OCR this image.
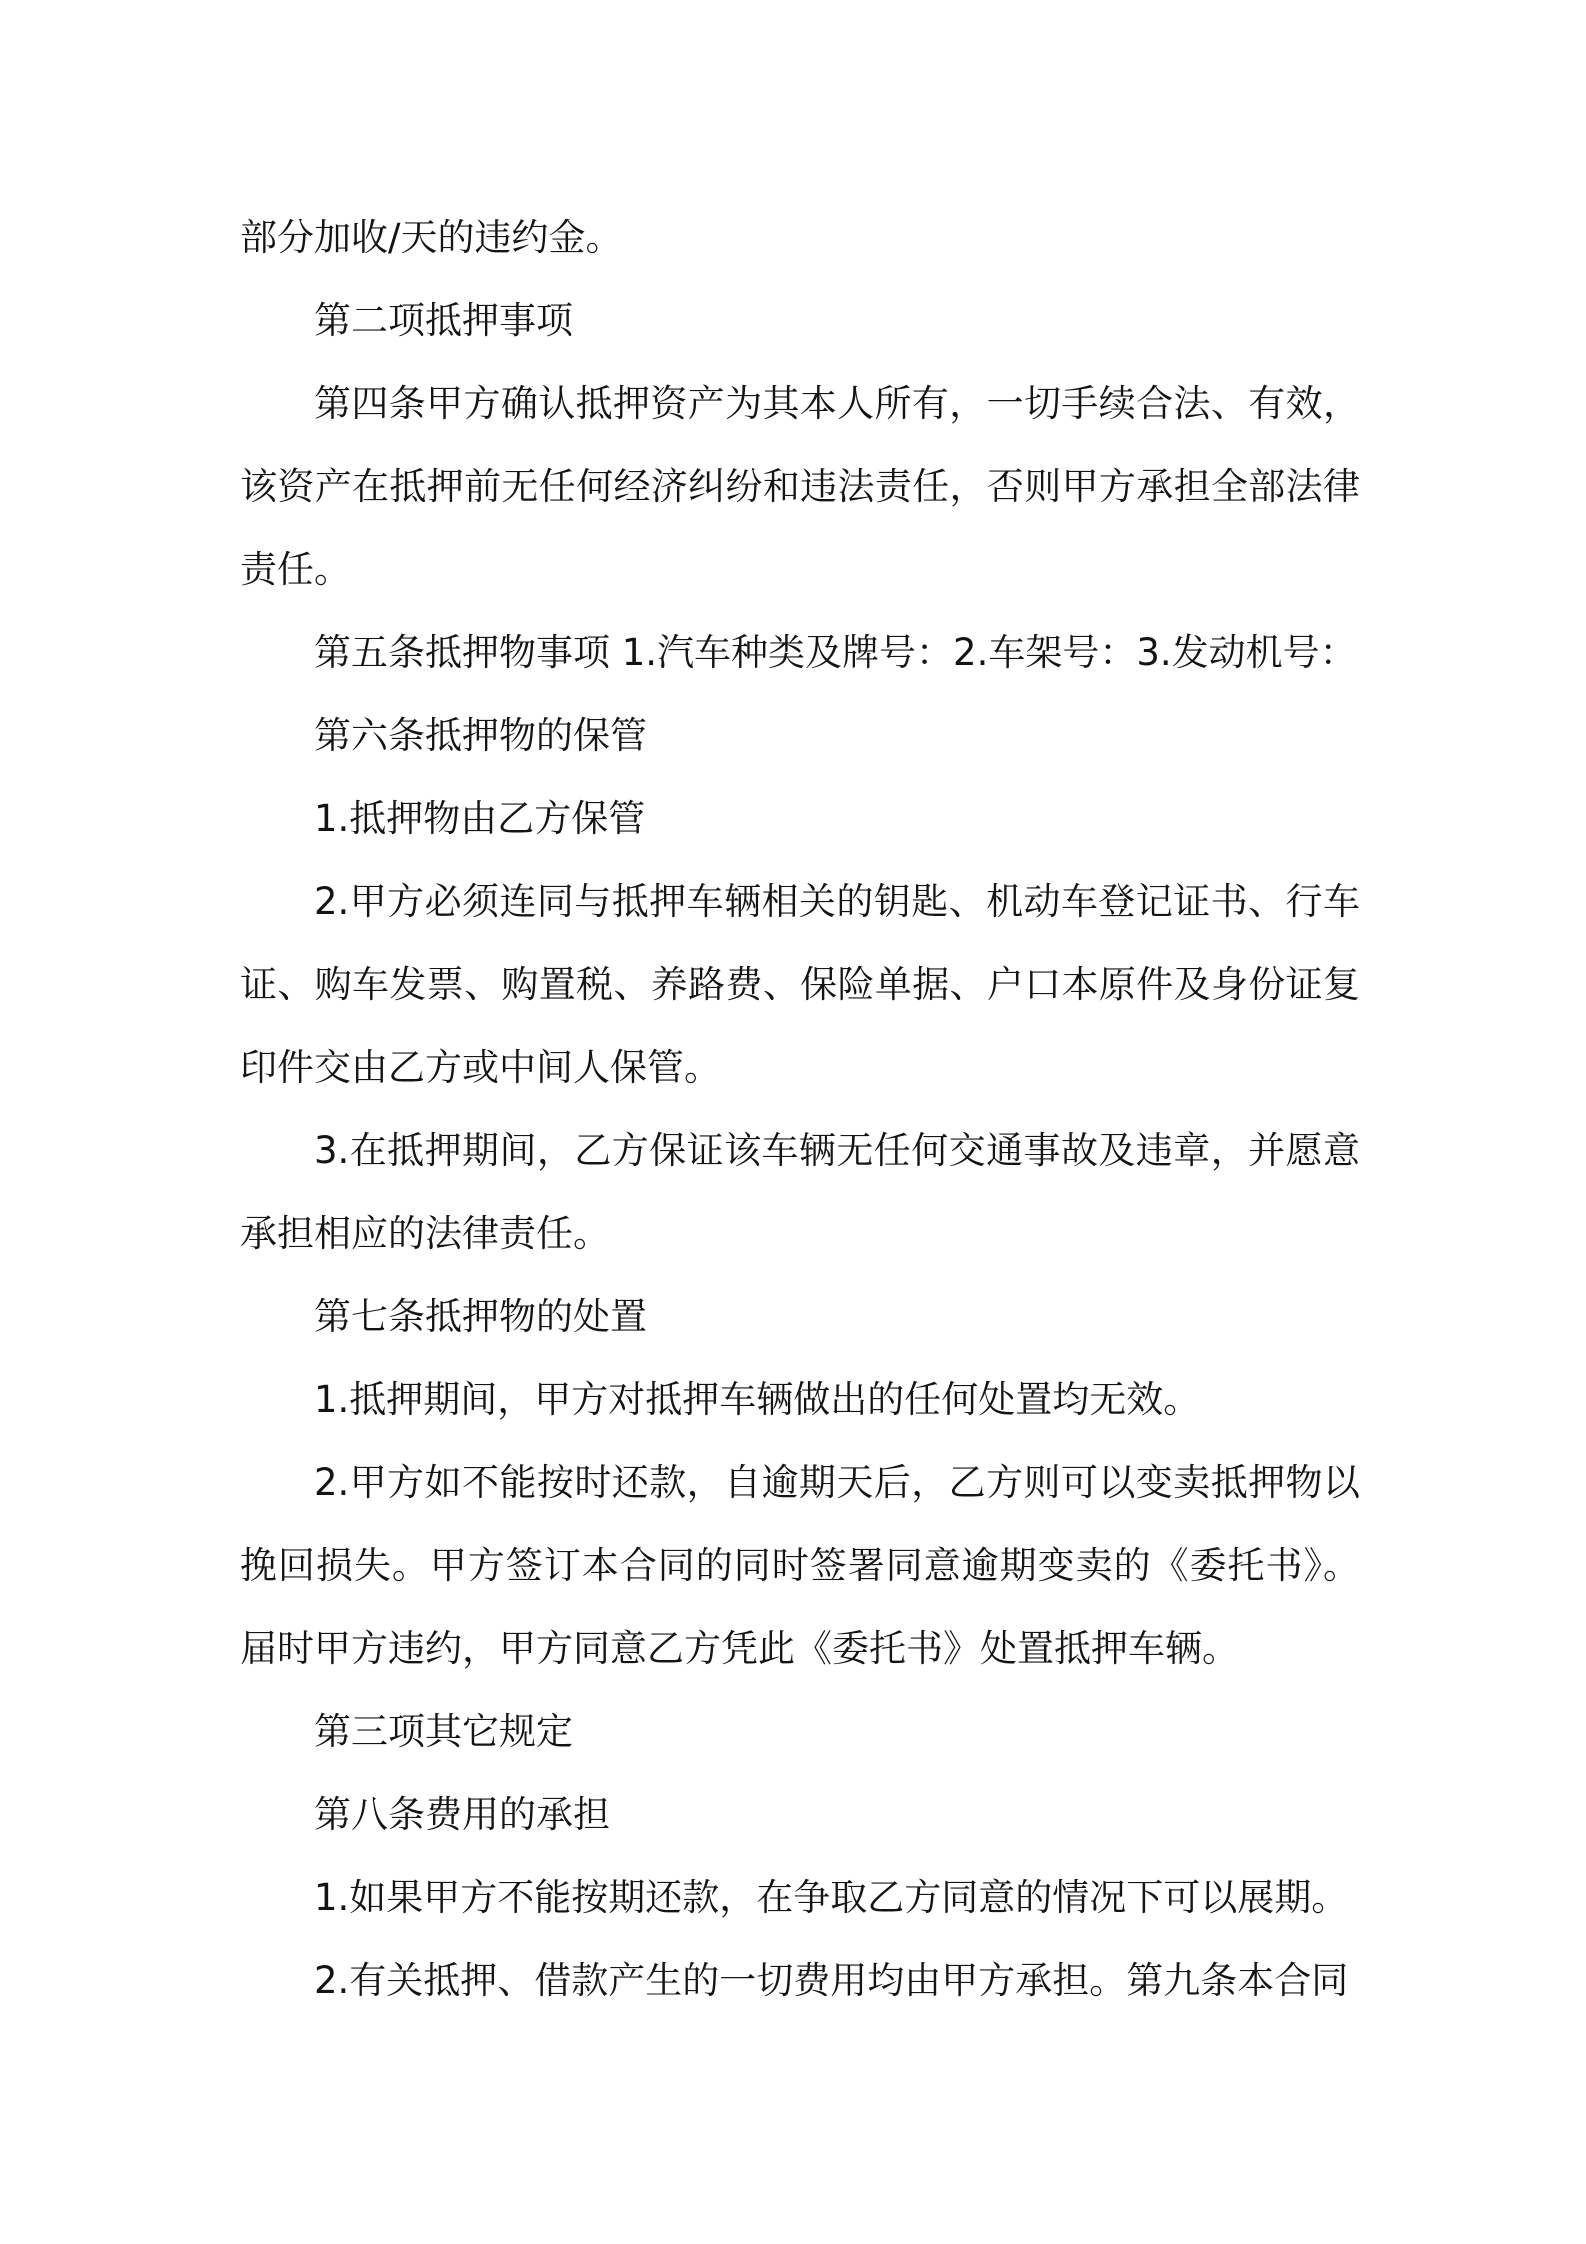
部分加收/天的违约金。

第二项抵押事项

第四条甲方确认抵押资产为其本人所有，一切手续合法、有效，该资产在抵押前无任何经济纠纷和违法责任，否则甲方承担全部法律责任。

第五条抵押物事项 1.汽车种类及牌号：2.车架号：3.发动机号：

第六条抵押物的保管

1.抵押物由乙方保管

2.甲方必须连同与抵押车辆相关的钥匙、机动车登记证书、行车证、购车发票、购置税、养路费、保险单据、户口本原件及身份证复印件交由乙方或中间人保管。

3.在抵押期间，乙方保证该车辆无任何交通事故及违章，并愿意承担相应的法律责任。

第七条抵押物的处置

1.抵押期间，甲方对抵押车辆做出的任何处置均无效。

2.甲方如不能按时还款，自逾期天后，乙方则可以变卖抵押物以挽回损失。甲方签订本合同的同时签署同意逾期变卖的《委托书》。届时甲方违约，甲方同意乙方凭此《委托书》处置抵押车辆。

第三项其它规定

第八条费用的承担

1.如果甲方不能按期还款，在争取乙方同意的情况下可以展期。

2.有关抵押、借款产生的一切费用均由甲方承担。第九条本合同
